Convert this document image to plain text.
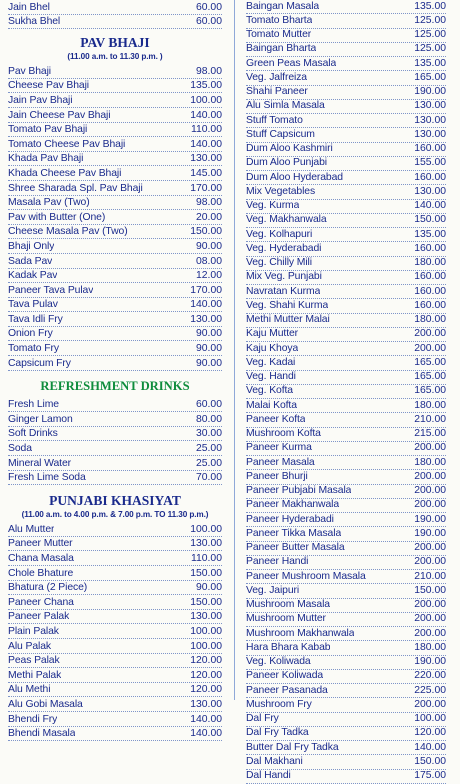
Jain Bhel	60.00
Sukha Bhel	60.00
PAV BHAJI
(11.00 a.m. to 11.30 p.m. )
Pav Bhaji	98.00
Cheese Pav Bhaji	135.00
Jain Pav Bhaji	100.00
Jain Cheese Pav Bhaji	140.00
Tomato Pav Bhaji	110.00
Tomato Cheese Pav Bhaji	140.00
Khada Pav Bhaji	130.00
Khada Cheese Pav Bhaji	145.00
Shree Sharada Spl. Pav Bhaji	170.00
Masala Pav (Two)	98.00
Pav with Butter (One)	20.00
Cheese Masala Pav (Two)	150.00
Bhaji Only	90.00
Sada Pav	08.00
Kadak Pav	12.00
Paneer Tava Pulav	170.00
Tava Pulav	140.00
Tava Idli Fry	130.00
Onion Fry	90.00
Tomato Fry	90.00
Capsicum Fry	90.00
REFRESHMENT DRINKS
Fresh Lime	60.00
Ginger Lamon	80.00
Soft Drinks	30.00
Soda	25.00
Mineral Water	25.00
Fresh Lime Soda	70.00
PUNJABI KHASIYAT
(11.00 a.m. to 4.00 p.m. & 7.00 p.m. TO 11.30 p.m.)
Alu Mutter	100.00
Paneer Mutter	130.00
Chana Masala	110.00
Chole Bhature	150.00
Bhatura (2 Piece)	90.00
Paneer Chana	150.00
Paneer Palak	130.00
Plain Palak	100.00
Alu Palak	100.00
Peas Palak	120.00
Methi Palak	120.00
Alu Methi	120.00
Alu Gobi Masala	130.00
Bhendi Fry	140.00
Bhendi Masala	140.00
Baingan Masala	135.00
Tomato Bharta	125.00
Tomato Mutter	125.00
Baingan Bharta	125.00
Green Peas Masala	135.00
Veg. Jalfreiza	165.00
Shahi Paneer	190.00
Alu Simla Masala	130.00
Stuff Tomato	130.00
Stuff Capsicum	130.00
Dum Aloo Kashmiri	160.00
Dum Aloo Punjabi	155.00
Dum Aloo Hyderabad	160.00
Mix Vegetables	130.00
Veg. Kurma	140.00
Veg. Makhanwala	150.00
Veg. Kolhapuri	135.00
Veg. Hyderabadi	160.00
Veg. Chilly Mili	180.00
Mix Veg. Punjabi	160.00
Navratan Kurma	160.00
Veg. Shahi Kurma	160.00
Methi Mutter Malai	180.00
Kaju Mutter	200.00
Kaju Khoya	200.00
Veg. Kadai	165.00
Veg. Handi	165.00
Veg. Kofta	165.00
Malai Kofta	180.00
Paneer Kofta	210.00
Mushroom Kofta	215.00
Paneer Kurma	200.00
Paneer Masala	180.00
Paneer Bhurji	200.00
Paneer Pubjabi Masala	200.00
Paneer Makhanwala	200.00
Paneer Hyderabadi	190.00
Paneer Tikka Masala	190.00
Paneer Butter Masala	200.00
Paneer Handi	200.00
Paneer Mushroom Masala	210.00
Veg. Jaipuri	150.00
Mushroom Masala	200.00
Mushroom Mutter	200.00
Mushroom Makhanwala	200.00
Hara Bhara Kabab	180.00
Veg. Koliwada	190.00
Paneer Koliwada	220.00
Paneer Pasanada	225.00
Mushroom Fry	200.00
Dal Fry	100.00
Dal Fry Tadka	120.00
Butter Dal Fry Tadka	140.00
Dal Makhani	150.00
Dal Handi	175.00
